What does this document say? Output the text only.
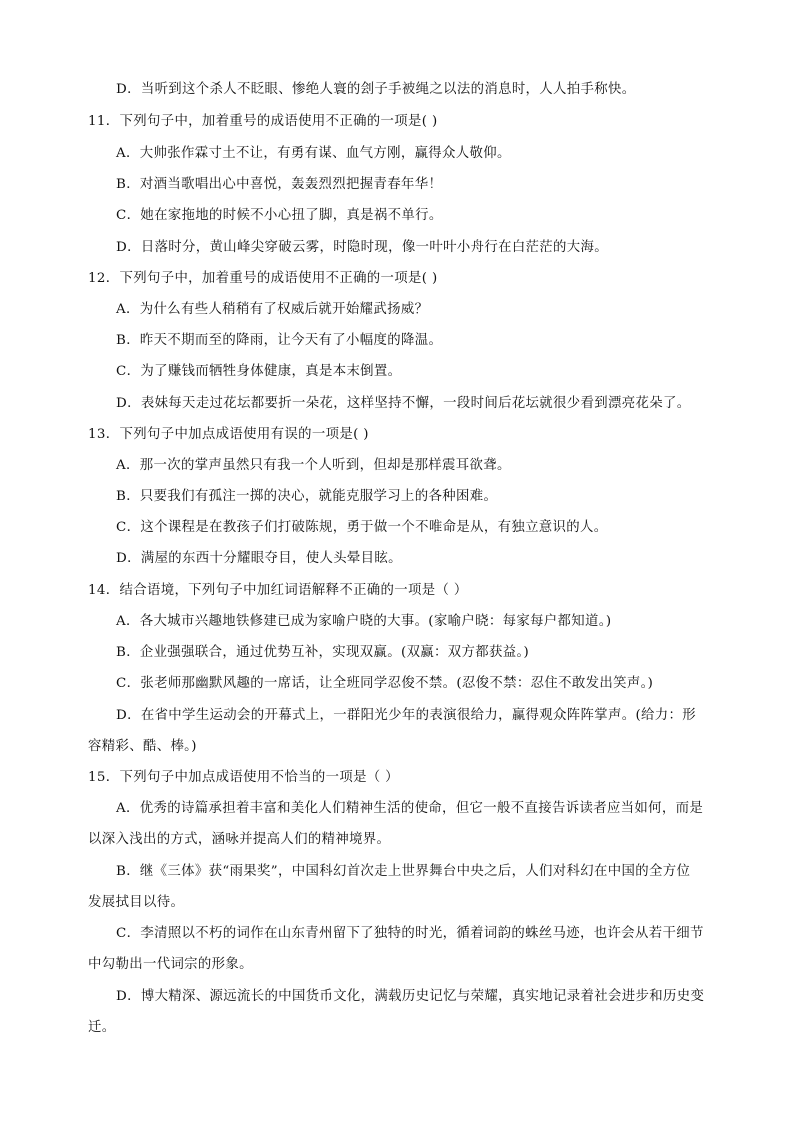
D．当听到这个杀人不眨眼、惨绝人寰的刽子手被绳之以法的消息时，人人拍手称快。
11．下列句子中，加着重号的成语使用不正确的一项是( )
A．大帅张作霖寸土不让，有勇有谋、血气方刚，赢得众人敬仰。
B．对酒当歌唱出心中喜悦，轰轰烈烈把握青春年华！
C．她在家拖地的时候不小心扭了脚，真是祸不单行。
D．日落时分，黄山峰尖穿破云雾，时隐时现，像一叶叶小舟行在白茫茫的大海。
12．下列句子中，加着重号的成语使用不正确的一项是( )
A．为什么有些人稍稍有了权威后就开始耀武扬威？
B．昨天不期而至的降雨，让今天有了小幅度的降温。
C．为了赚钱而牺牲身体健康，真是本末倒置。
D．表妹每天走过花坛都要折一朵花，这样坚持不懈，一段时间后花坛就很少看到漂亮花朵了。
13．下列句子中加点成语使用有误的一项是( )
A．那一次的掌声虽然只有我一个人听到，但却是那样震耳欲聋。
B．只要我们有孤注一掷的决心，就能克服学习上的各种困难。
C．这个课程是在教孩子们打破陈规，勇于做一个不唯命是从，有独立意识的人。
D．满屋的东西十分耀眼夺目，使人头晕目眩。
14．结合语境，下列句子中加红词语解释不正确的一项是（ ）
A．各大城市兴趣地铁修建已成为家喻户晓的大事。(家喻户晓：每家每户都知道。)
B．企业强强联合，通过优势互补，实现双赢。(双赢：双方都获益。)
C．张老师那幽默风趣的一席话，让全班同学忍俊不禁。(忍俊不禁：忍住不敢发出笑声。)
D．在省中学生运动会的开幕式上，一群阳光少年的表演很给力，赢得观众阵阵掌声。(给力：形
容精彩、酷、棒。)
15．下列句子中加点成语使用不恰当的一项是（ ）
A．优秀的诗篇承担着丰富和美化人们精神生活的使命，但它一般不直接告诉读者应当如何，而是
以深入浅出的方式，涵咏并提高人们的精神境界。
B．继《三体》获“雨果奖”，中国科幻首次走上世界舞台中央之后，人们对科幻在中国的全方位
发展拭目以待。
C．李清照以不朽的词作在山东青州留下了独特的时光，循着词韵的蛛丝马迹，也许会从若干细节
中勾勒出一代词宗的形象。
D．博大精深、源远流长的中国货币文化，满载历史记忆与荣耀，真实地记录着社会进步和历史变
迁。
